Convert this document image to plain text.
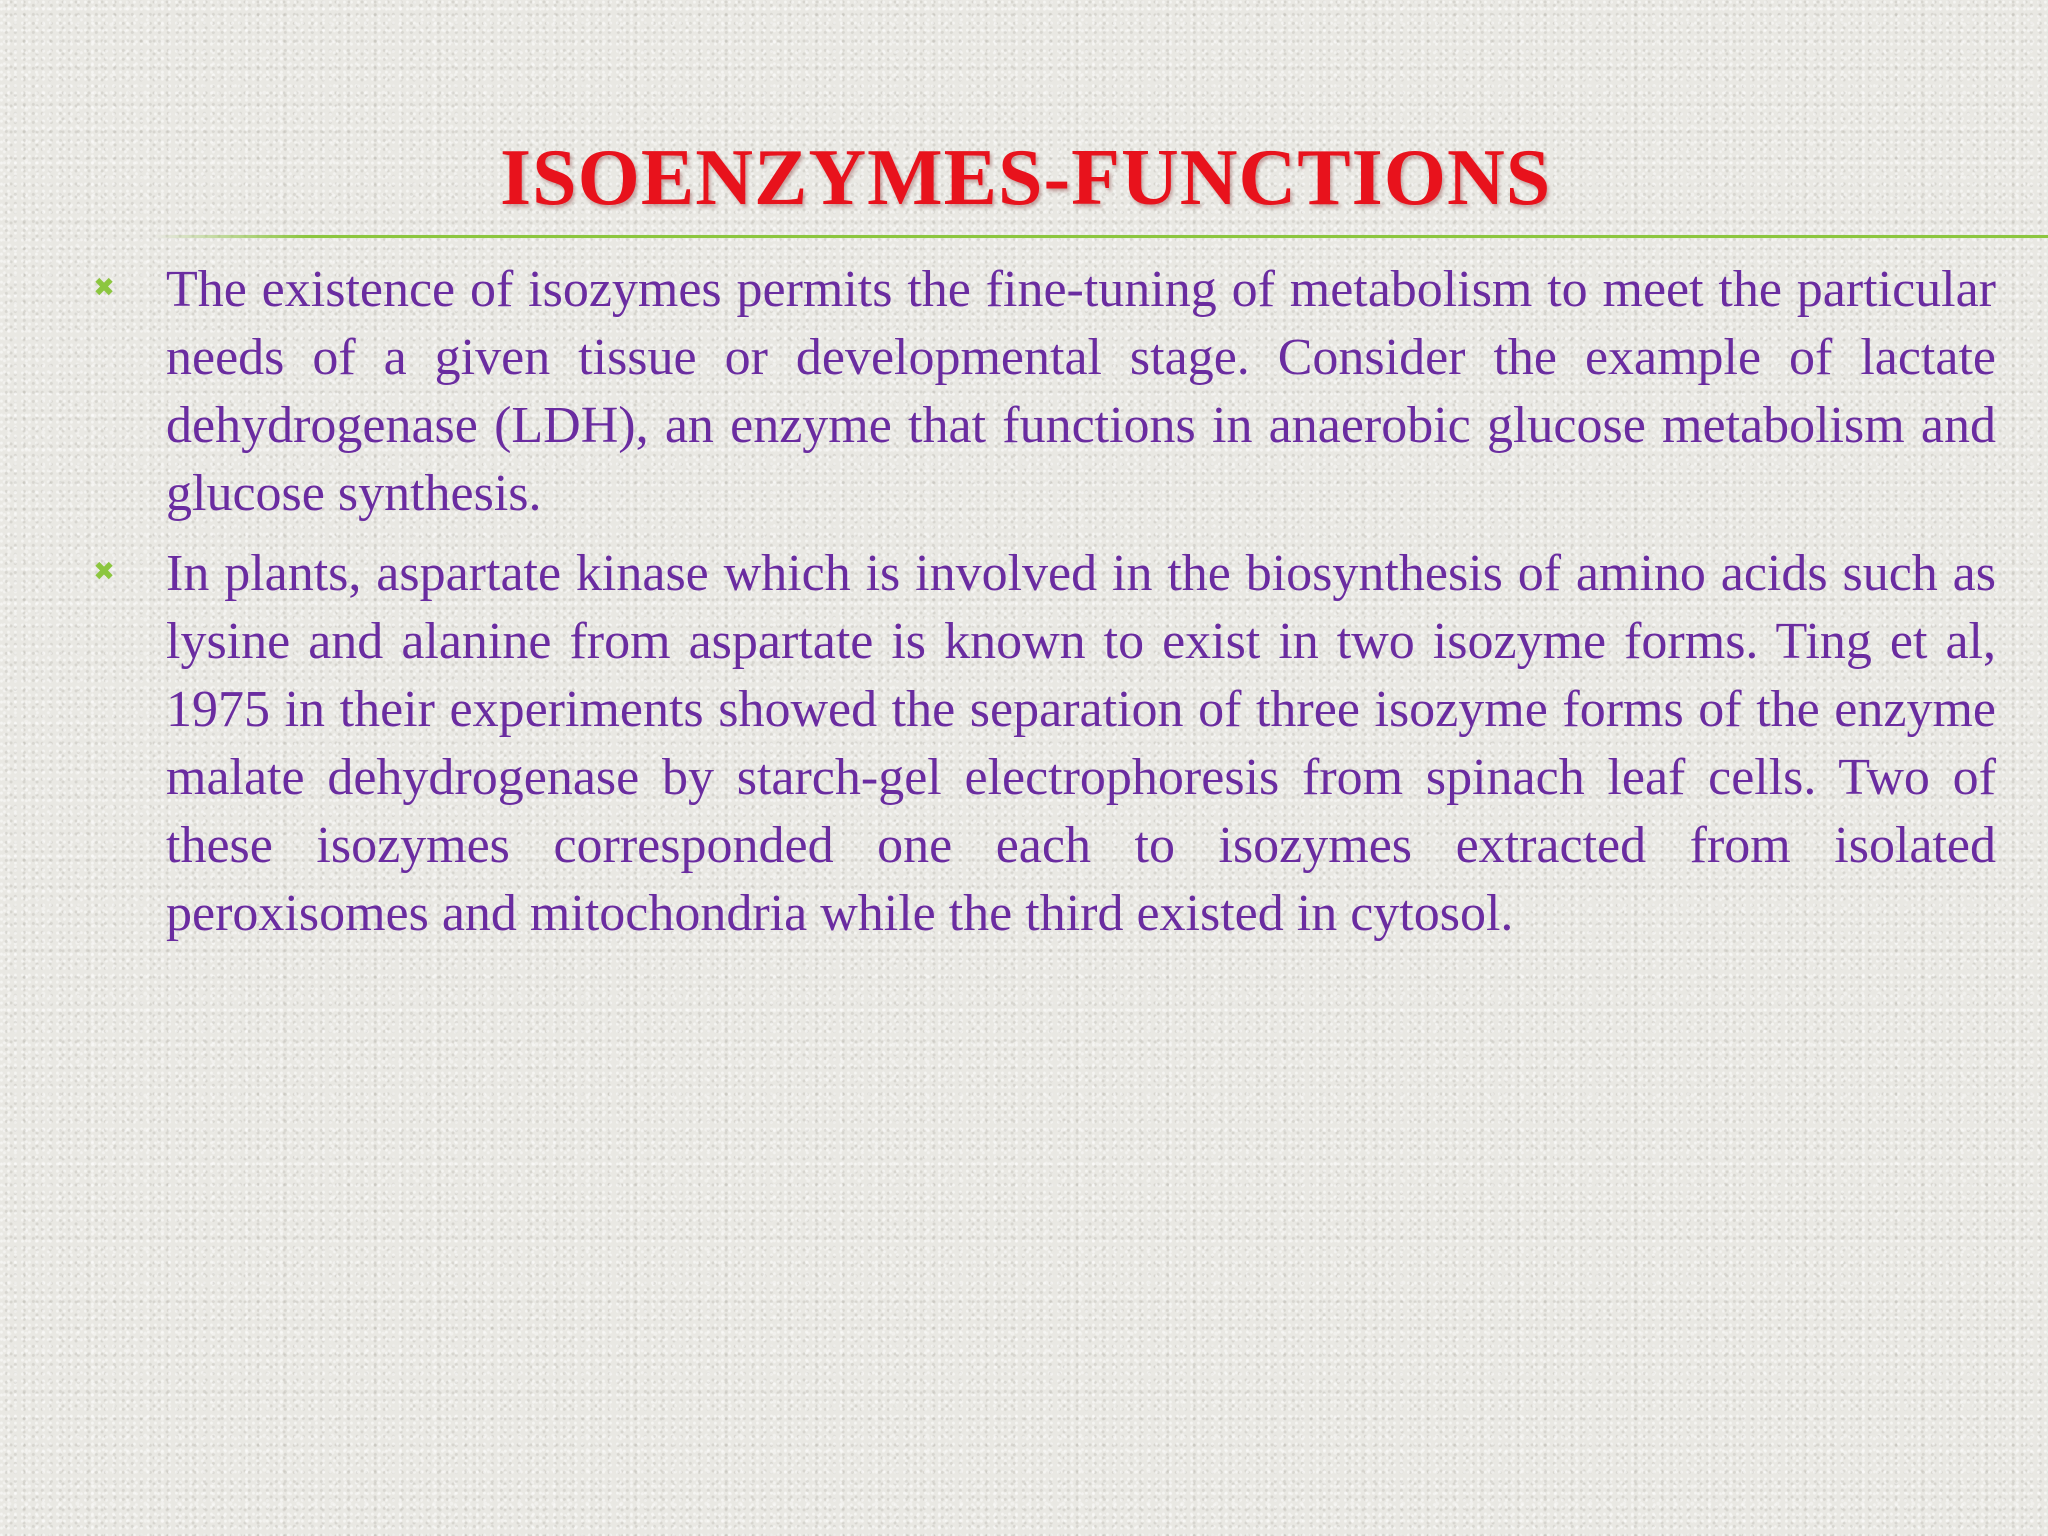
ISOENZYMES-FUNCTIONS
✖ The existence of isozymes permits the fine-tuning of metabolism to meet the particular needs of a given tissue or developmental stage. Consider the example of lactate dehydrogenase (LDH), an enzyme that functions in anaerobic glucose metabolism and glucose synthesis.

✖ In plants, aspartate kinase which is involved in the biosynthesis of amino acids such as lysine and alanine from aspartate is known to exist in two isozyme forms. Ting et al, 1975 in their experiments showed the separation of three isozyme forms of the enzyme malate dehydrogenase by starch-gel electrophoresis from spinach leaf cells. Two of these isozymes corresponded one each to isozymes extracted from isolated peroxisomes and mitochondria while the third existed in cytosol.
